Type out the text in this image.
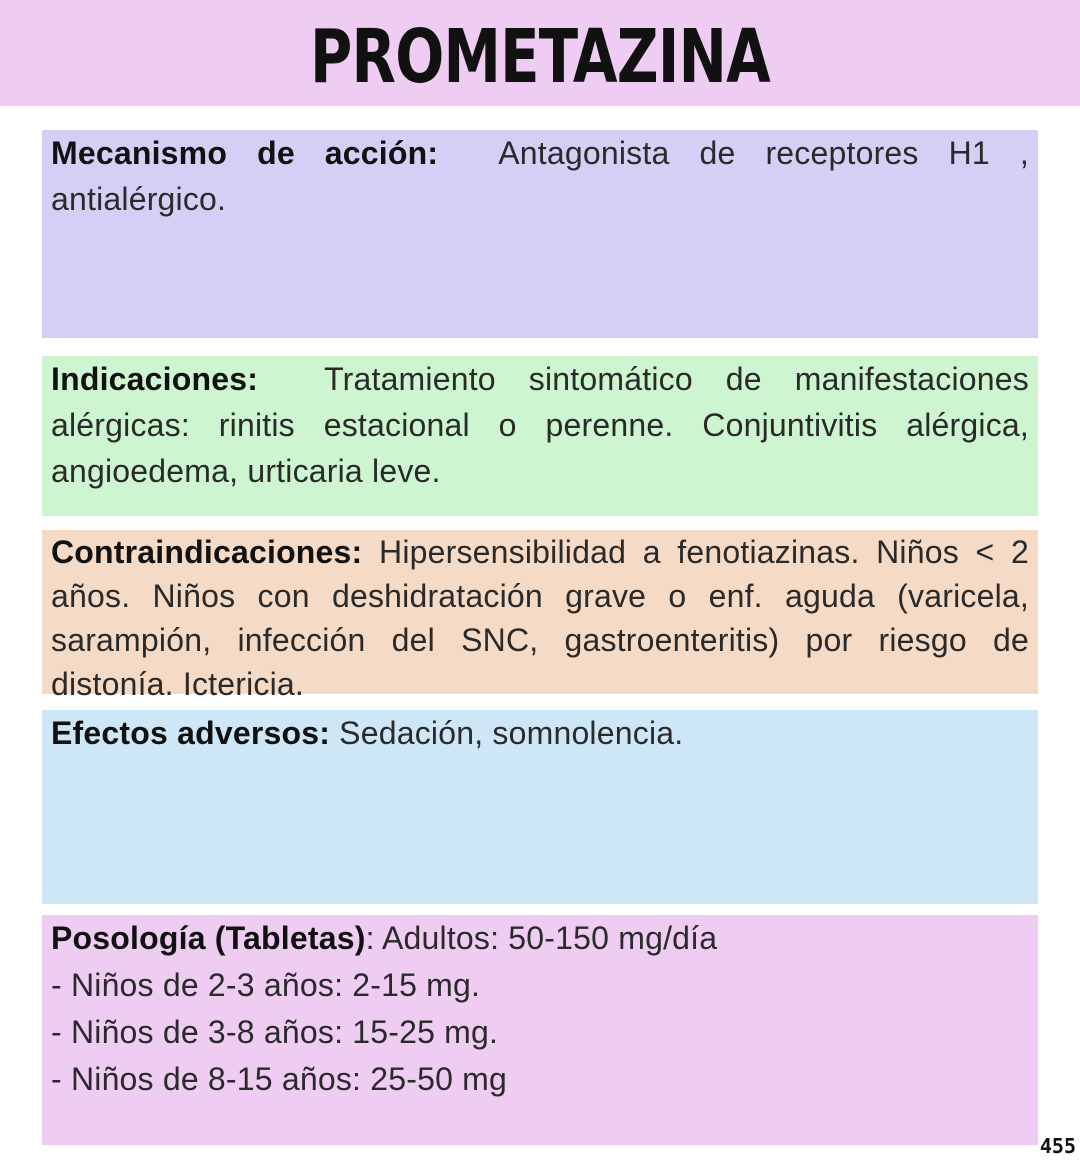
PROMETAZINA

Mecanismo de acción: Antagonista de receptores H1 , antialérgico.

Indicaciones: Tratamiento sintomático de manifestaciones alérgicas: rinitis estacional o perenne. Conjuntivitis alérgica, angioedema, urticaria leve.

Contraindicaciones: Hipersensibilidad a fenotiazinas. Niños < 2 años. Niños con deshidratación grave o enf. aguda (varicela, sarampión, infección del SNC, gastroenteritis) por riesgo de distonía. Ictericia.

Efectos adversos: Sedación, somnolencia.

Posología (Tabletas): Adultos: 50-150 mg/día

- Niños de 2-3 años: 2-15 mg.

- Niños de 3-8 años: 15-25 mg.

- Niños de 8-15 años: 25-50 mg

455
